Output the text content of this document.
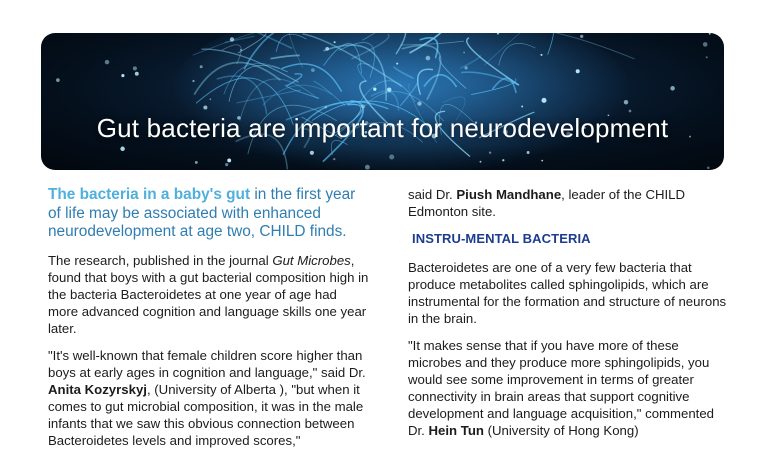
Gut bacteria are important for neurodevelopment

The bacteria in a baby's gut in the first year of life may be associated with enhanced neurodevelopment at age two, CHILD finds.

The research, published in the journal Gut Microbes, found that boys with a gut bacterial composition high in the bacteria Bacteroidetes at one year of age had more advanced cognition and language skills one year later.

"It's well-known that female children score higher than boys at early ages in cognition and language," said Dr. Anita Kozyrskyj, (University of Alberta ), "but when it comes to gut microbial composition, it was in the male infants that we saw this obvious connection between Bacteroidetes levels and improved scores,"

said Dr. Piush Mandhane, leader of the CHILD Edmonton site.

INSTRU-MENTAL BACTERIA

Bacteroidetes are one of a very few bacteria that produce metabolites called sphingolipids, which are instrumental for the formation and structure of neurons in the brain.

"It makes sense that if you have more of these microbes and they produce more sphingolipids, you would see some improvement in terms of greater connectivity in brain areas that support cognitive development and language acquisition," commented Dr. Hein Tun (University of Hong Kong)
